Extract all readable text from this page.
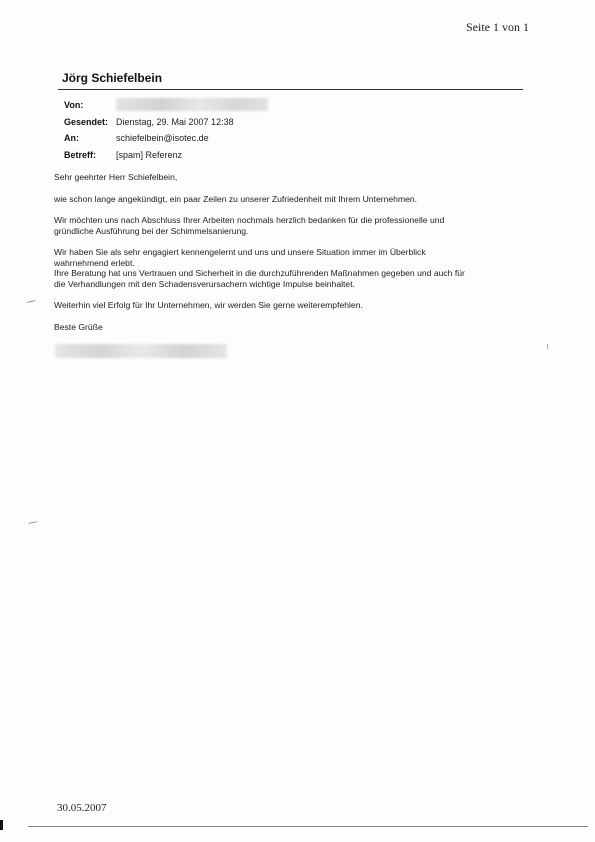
Seite 1 von 1
Jörg Schiefelbein
Von:
Gesendet: Dienstag, 29. Mai 2007 12:38
An:	schiefelbein@isotec.de
Betreff:	[spam] Referenz

Sehr geehrter Herr Schiefelbein,

wie schon lange angekündigt, ein paar Zeilen zu unserer Zufriedenheit mit Ihrem Unternehmen.

Wir möchten uns nach Abschluss Ihrer Arbeiten nochmals herzlich bedanken für die professionelle und
gründliche Ausführung bei der Schimmelsanierung.
Wir haben Sie als sehr engagiert kennengelernt und uns und unsere Situation immer im Überblick
wahrnehmend erlebt.
Ihre Beratung hat uns Vertrauen und Sicherheit in die durchzuführenden Maßnahmen gegeben und auch für
die Verhandlungen mit den Schadensverursachern wichtige Impulse beinhaltet.

Weiterhin viel Erfolg für Ihr Unternehmen, wir werden Sie gerne weiterempfehlen.

Beste Grüße

30.05.2007
